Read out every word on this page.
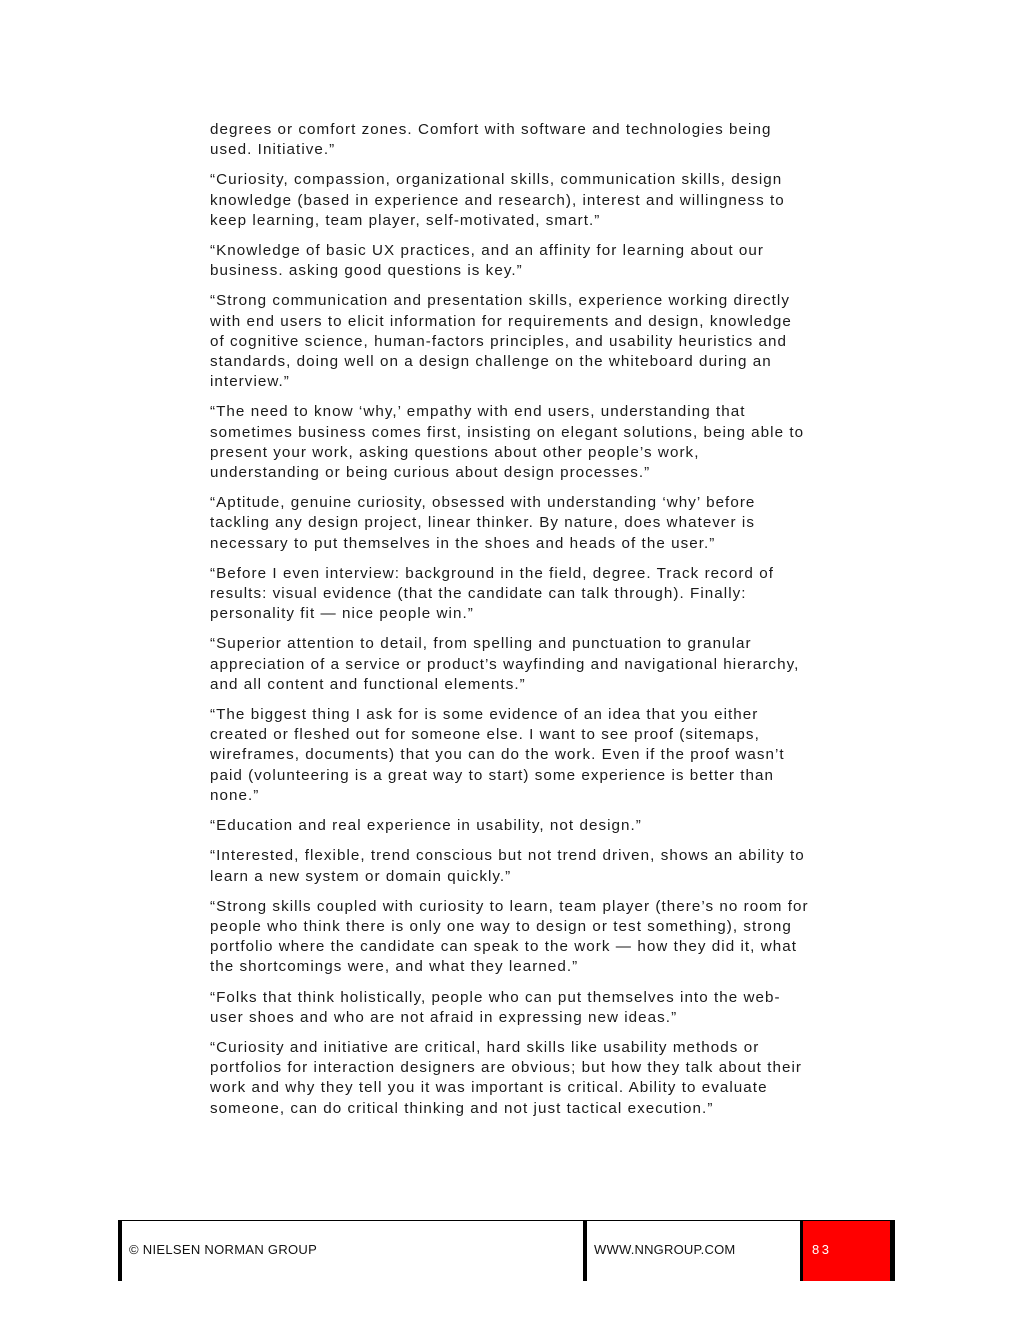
degrees or comfort zones. Comfort with software and technologies being used. Initiative.”

“Curiosity, compassion, organizational skills, communication skills, design knowledge (based in experience and research), interest and willingness to keep learning, team player, self-motivated, smart.”

“Knowledge of basic UX practices, and an affinity for learning about our business. asking good questions is key.”

“Strong communication and presentation skills, experience working directly with end users to elicit information for requirements and design, knowledge of cognitive science, human-factors principles, and usability heuristics and standards, doing well on a design challenge on the whiteboard during an interview.”

“The need to know ‘why,’ empathy with end users, understanding that sometimes business comes first, insisting on elegant solutions, being able to present your work, asking questions about other people’s work, understanding or being curious about design processes.”

“Aptitude, genuine curiosity, obsessed with understanding ‘why’ before tackling any design project, linear thinker. By nature, does whatever is necessary to put themselves in the shoes and heads of the user.”

“Before I even interview: background in the field, degree. Track record of results: visual evidence (that the candidate can talk through). Finally: personality fit — nice people win.”

“Superior attention to detail, from spelling and punctuation to granular appreciation of a service or product’s wayfinding and navigational hierarchy, and all content and functional elements.”

“The biggest thing I ask for is some evidence of an idea that you either created or fleshed out for someone else. I want to see proof (sitemaps, wireframes, documents) that you can do the work. Even if the proof wasn’t paid (volunteering is a great way to start) some experience is better than none.”

“Education and real experience in usability, not design.”

“Interested, flexible, trend conscious but not trend driven, shows an ability to learn a new system or domain quickly.”

“Strong skills coupled with curiosity to learn, team player (there’s no room for people who think there is only one way to design or test something), strong portfolio where the candidate can speak to the work — how they did it, what the shortcomings were, and what they learned.”

“Folks that think holistically, people who can put themselves into the web-user shoes and who are not afraid in expressing new ideas.”

“Curiosity and initiative are critical, hard skills like usability methods or portfolios for interaction designers are obvious; but how they talk about their work and why they tell you it was important is critical. Ability to evaluate someone, can do critical thinking and not just tactical execution.”

© NIELSEN NORMAN GROUP	WWW.NNGROUP.COM	83
